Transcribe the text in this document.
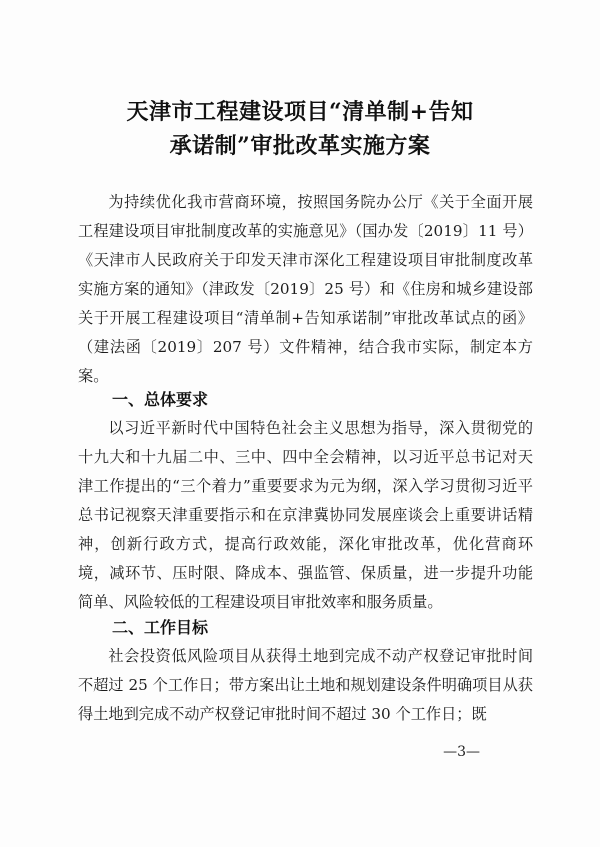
天津市工程建设项目“清单制+告知
承诺制”审批改革实施方案
为持续优化我市营商环境，按照国务院办公厅《关于全面开展工程建设项目审批制度改革的实施意见》（国办发〔2019〕11 号）《天津市人民政府关于印发天津市深化工程建设项目审批制度改革实施方案的通知》（津政发〔2019〕25 号）和《住房和城乡建设部关于开展工程建设项目“清单制+告知承诺制”审批改革试点的函》（建法函〔2019〕207 号）文件精神，结合我市实际，制定本方案。
一、总体要求
以习近平新时代中国特色社会主义思想为指导，深入贯彻党的十九大和十九届二中、三中、四中全会精神，以习近平总书记对天津工作提出的“三个着力”重要要求为元为纲，深入学习贯彻习近平总书记视察天津重要指示和在京津冀协同发展座谈会上重要讲话精神，创新行政方式，提高行政效能，深化审批改革，优化营商环境，减环节、压时限、降成本、强监管、保质量，进一步提升功能简单、风险较低的工程建设项目审批效率和服务质量。
二、工作目标
社会投资低风险项目从获得土地到完成不动产权登记审批时间不超过 25 个工作日；带方案出让土地和规划建设条件明确项目从获得土地到完成不动产权登记审批时间不超过 30 个工作日；既
—3—
